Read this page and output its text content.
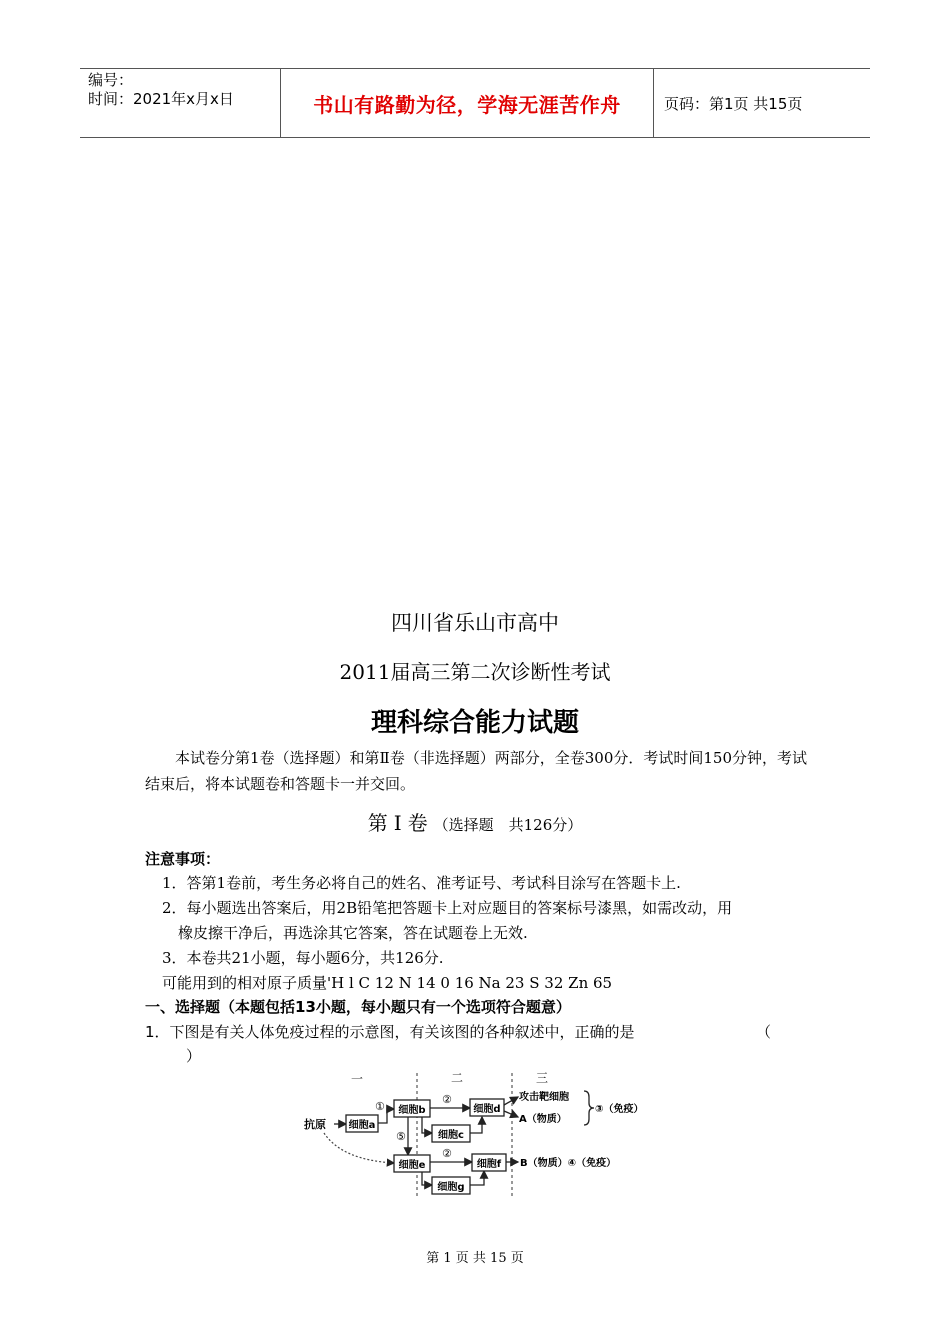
编号：
时间：2021年x月x日	书山有路勤为径，学海无涯苦作舟	页码：第1页 共15页
四川省乐山市高中
2011届高三第二次诊断性考试
理科综合能力试题
本试卷分第1卷（选择题）和第Ⅱ卷（非选择题）两部分，全卷300分．考试时间150分钟，考试结束后，将本试题卷和答题卡一并交回。
第Ⅰ卷（选择题　共126分）
注意事项：
1．答第1卷前，考生务必将自己的姓名、准考证号、考试科目涂写在答题卡上.
2．每小题选出答案后，用2B铅笔把答题卡上对应题目的答案标号漆黑，如需改动，用
橡皮擦干净后，再选涂其它答案，答在试题卷上无效.
3．本卷共21小题，每小题6分，共126分.
可能用到的相对原子质量'H l C 12 N 14 0 16 Na 23 S 32 Zn 65
一、选择题（本题包括13小题，每小题只有一个选项符合题意）
1．下图是有关人体免疫过程的示意图，有关该图的各种叙述中，正确的是	（
）
一	二	三
抗原 细胞a
① 细胞b
②
细胞c
细胞d
攻击靶细胞
A（物质）
③（免疫）
⑤
细胞e
②
细胞g
细胞f B（物质）④（免疫）
第 1 页 共 15 页
